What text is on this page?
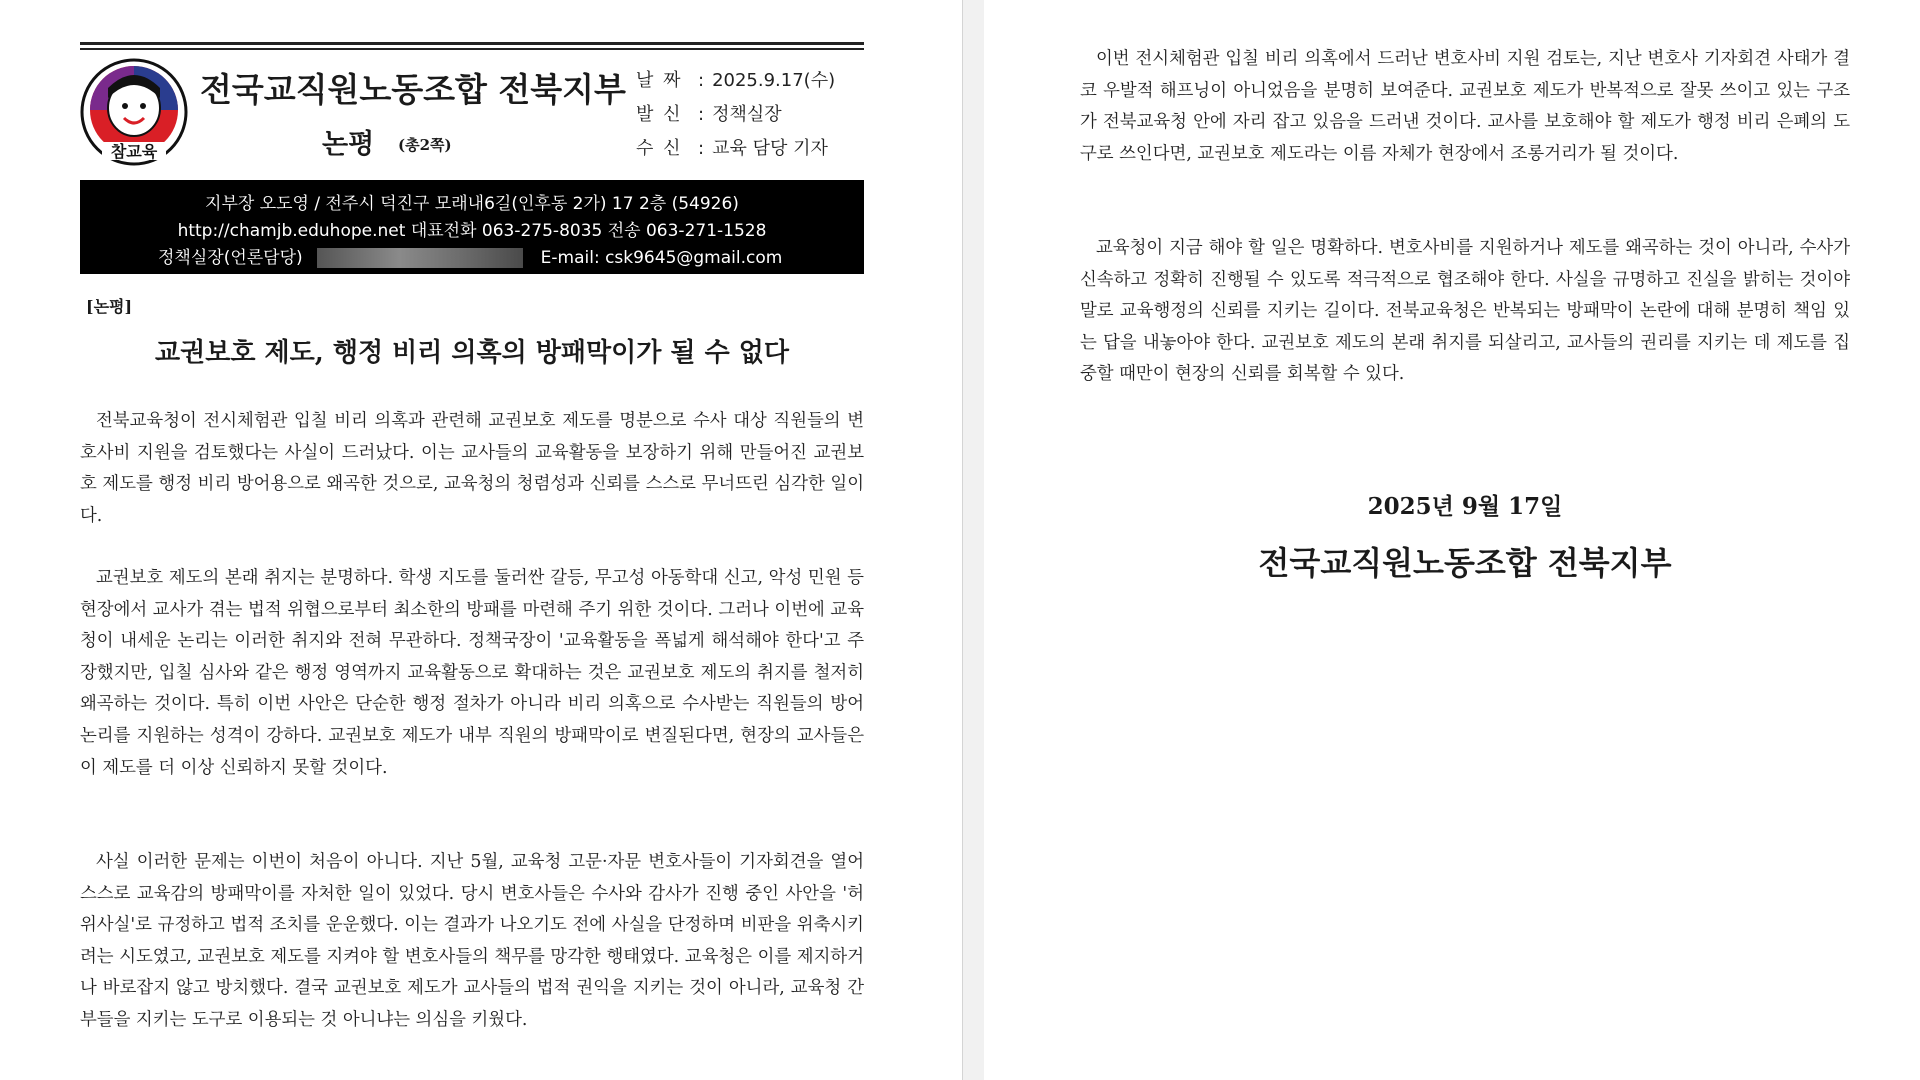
참교육
전국교직원노동조합 전북지부
논평 (총2쪽)
날 짜 : 2025.9.17(수)
발 신 : 정책실장
수 신 : 교육 담당 기자
지부장 오도영 / 전주시 덕진구 모래내6길(인후동 2가) 17 2층 (54926)
http://chamjb.eduhope.net 대표전화 063-275-8035 전송 063-271-1528
정책실장(언론담당)	E-mail: csk9645@gmail.com
[논평]
교권보호 제도, 행정 비리 의혹의 방패막이가 될 수 없다

전북교육청이 전시체험관 입칠 비리 의혹과 관련해 교권보호 제도를 명분으로 수사 대상 직원들의 변호사비 지원을 검토했다는 사실이 드러났다. 이는 교사들의 교육활동을 보장하기 위해 만들어진 교권보호 제도를 행정 비리 방어용으로 왜곡한 것으로, 교육청의 청렴성과 신뢰를 스스로 무너뜨린 심각한 일이다.

교권보호 제도의 본래 취지는 분명하다. 학생 지도를 둘러싼 갈등, 무고성 아동학대 신고, 악성 민원 등 현장에서 교사가 겪는 법적 위협으로부터 최소한의 방패를 마련해 주기 위한 것이다. 그러나 이번에 교육청이 내세운 논리는 이러한 취지와 전혀 무관하다. 정책국장이 '교육활동을 폭넓게 해석해야 한다'고 주장했지만, 입칠 심사와 같은 행정 영역까지 교육활동으로 확대하는 것은 교권보호 제도의 취지를 철저히 왜곡하는 것이다. 특히 이번 사안은 단순한 행정 절차가 아니라 비리 의혹으로 수사받는 직원들의 방어 논리를 지원하는 성격이 강하다. 교권보호 제도가 내부 직원의 방패막이로 변질된다면, 현장의 교사들은 이 제도를 더 이상 신뢰하지 못할 것이다.

사실 이러한 문제는 이번이 처음이 아니다. 지난 5월, 교육청 고문·자문 변호사들이 기자회견을 열어 스스로 교육감의 방패막이를 자처한 일이 있었다. 당시 변호사들은 수사와 감사가 진행 중인 사안을 '허위사실'로 규정하고 법적 조치를 운운했다. 이는 결과가 나오기도 전에 사실을 단정하며 비판을 위축시키려는 시도였고, 교권보호 제도를 지켜야 할 변호사들의 책무를 망각한 행태였다. 교육청은 이를 제지하거나 바로잡지 않고 방치했다. 결국 교권보호 제도가 교사들의 법적 권익을 지키는 것이 아니라, 교육청 간부들을 지키는 도구로 이용되는 것 아니냐는 의심을 키웠다.

이번 전시체험관 입칠 비리 의혹에서 드러난 변호사비 지원 검토는, 지난 변호사 기자회견 사태가 결코 우발적 해프닝이 아니었음을 분명히 보여준다. 교권보호 제도가 반복적으로 잘못 쓰이고 있는 구조가 전북교육청 안에 자리 잡고 있음을 드러낸 것이다. 교사를 보호해야 할 제도가 행정 비리 은폐의 도구로 쓰인다면, 교권보호 제도라는 이름 자체가 현장에서 조롱거리가 될 것이다.

교육청이 지금 해야 할 일은 명확하다. 변호사비를 지원하거나 제도를 왜곡하는 것이 아니라, 수사가 신속하고 정확히 진행될 수 있도록 적극적으로 협조해야 한다. 사실을 규명하고 진실을 밝히는 것이야말로 교육행정의 신뢰를 지키는 길이다. 전북교육청은 반복되는 방패막이 논란에 대해 분명히 책임 있는 답을 내놓아야 한다. 교권보호 제도의 본래 취지를 되살리고, 교사들의 권리를 지키는 데 제도를 집중할 때만이 현장의 신뢰를 회복할 수 있다.

2025년 9월 17일
전국교직원노동조합 전북지부
